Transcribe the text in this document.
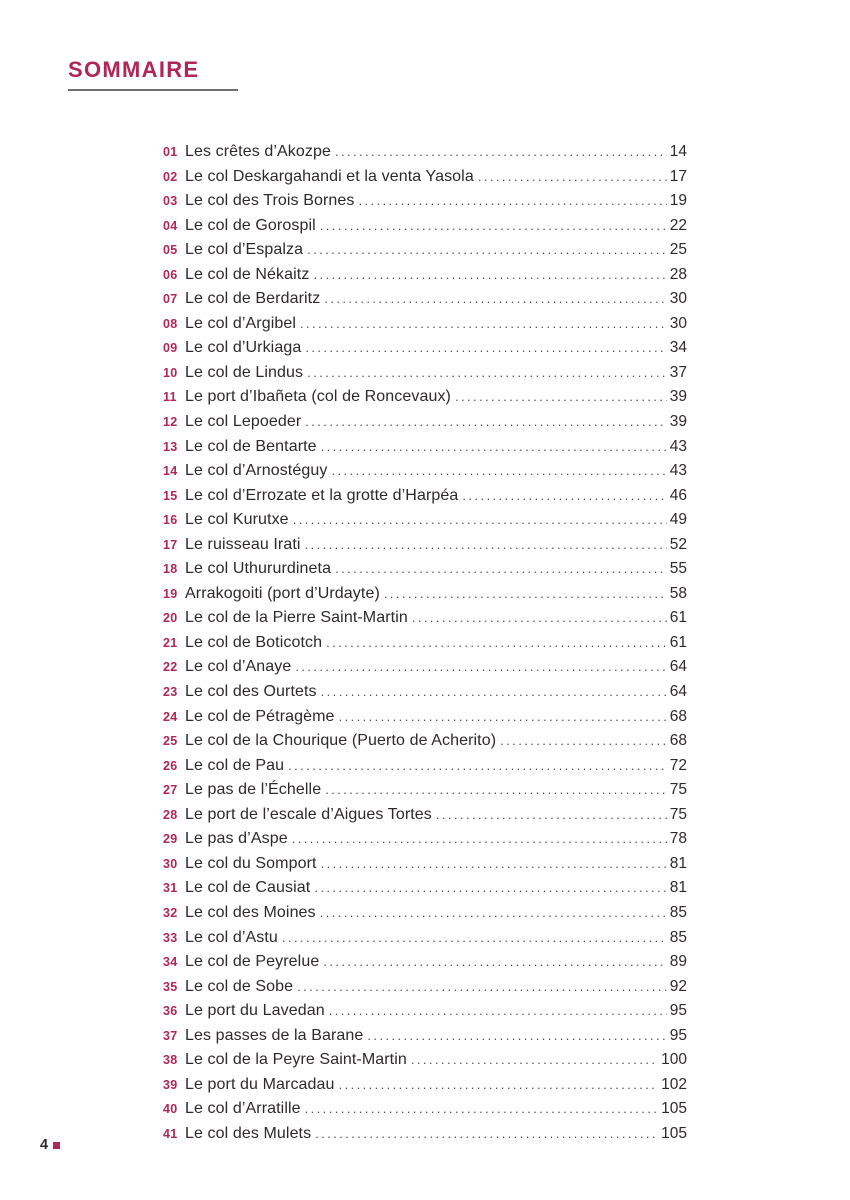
SOMMAIRE
01 Les crêtes d’Akozpe .....	14
02 Le col Deskargahandi et la venta Yasola .....	17
03 Le col des Trois Bornes .....	19
04 Le col de Gorospil .....	22
05 Le col d’Espalza .....	25
06 Le col de Nékaitz .....	28
07 Le col de Berdaritz .....	30
08 Le col d’Argibel .....	30
09 Le col d’Urkiaga .....	34
10 Le col de Lindus .....	37
11 Le port d’Ibañeta (col de Roncevaux) .....	39
12 Le col Lepoeder .....	39
13 Le col de Bentarte .....	43
14 Le col d’Arnostéguy .....	43
15 Le col d’Errozate et la grotte d’Harpéa .....	46
16 Le col Kurutxe .....	49
17 Le ruisseau Irati .....	52
18 Le col Uthururdineta .....	55
19 Arrakogoiti (port d’Urdayte) .....	58
20 Le col de la Pierre Saint-Martin .....	61
21 Le col de Boticotch .....	61
22 Le col d’Anaye .....	64
23 Le col des Ourtets .....	64
24 Le col de Pétragème .....	68
25 Le col de la Chourique (Puerto de Acherito) .....	68
26 Le col de Pau .....	72
27 Le pas de l’Échelle .....	75
28 Le port de l’escale d’Aigues Tortes .....	75
29 Le pas d’Aspe .....	78
30 Le col du Somport .....	81
31 Le col de Causiat .....	81
32 Le col des Moines .....	85
33 Le col d’Astu .....	85
34 Le col de Peyrelue .....	89
35 Le col de Sobe .....	92
36 Le port du Lavedan .....	95
37 Les passes de la Barane .....	95
38 Le col de la Peyre Saint-Martin .....	100
39 Le port du Marcadau .....	102
40 Le col d’Arratille .....	105
41 Le col des Mulets .....	105
4
